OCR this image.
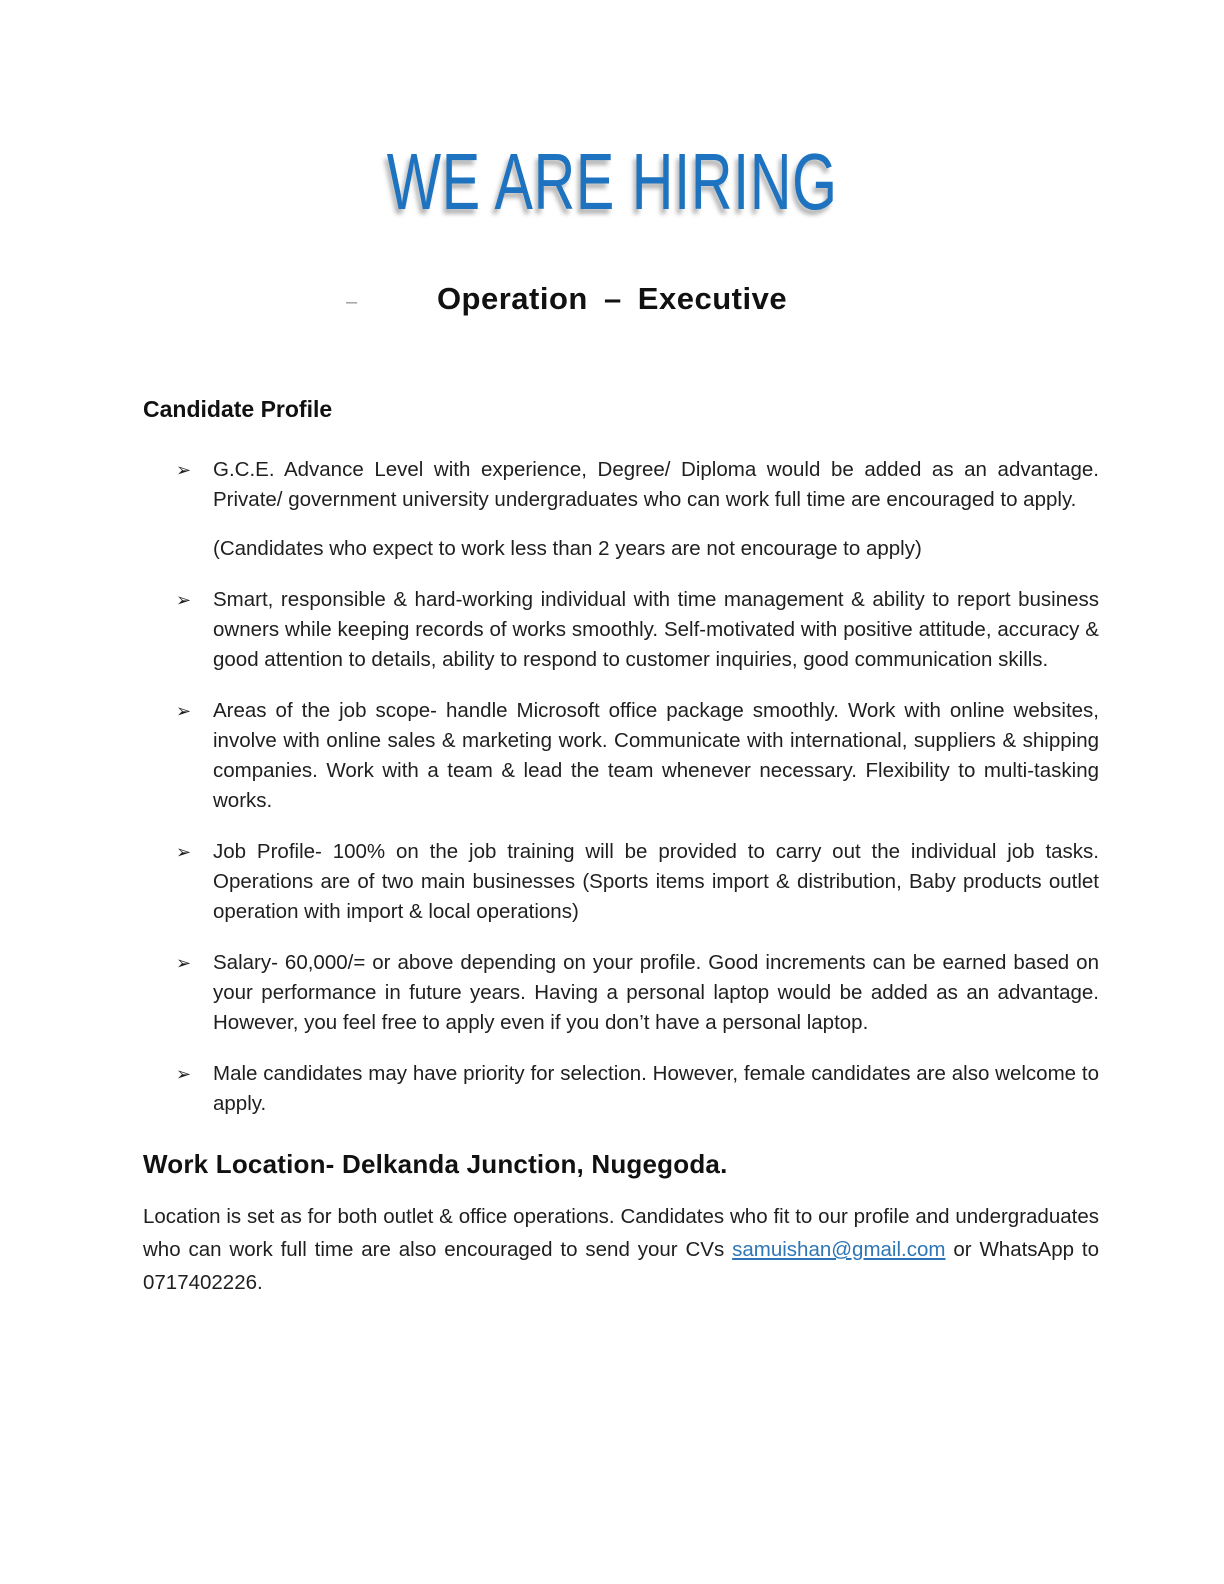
WE ARE HIRING
–	Operation – Executive
Candidate Profile
➢ G.C.E. Advance Level with experience, Degree/ Diploma would be added as an advantage. Private/ government university undergraduates who can work full time are encouraged to apply.
(Candidates who expect to work less than 2 years are not encourage to apply)
➢ Smart, responsible & hard-working individual with time management & ability to report business owners while keeping records of works smoothly. Self-motivated with positive attitude, accuracy & good attention to details, ability to respond to customer inquiries, good communication skills.
➢ Areas of the job scope- handle Microsoft office package smoothly. Work with online websites, involve with online sales & marketing work. Communicate with international, suppliers & shipping companies. Work with a team & lead the team whenever necessary. Flexibility to multi-tasking works.
➢ Job Profile- 100% on the job training will be provided to carry out the individual job tasks. Operations are of two main businesses (Sports items import & distribution, Baby products outlet operation with import & local operations)
➢ Salary- 60,000/= or above depending on your profile. Good increments can be earned based on your performance in future years. Having a personal laptop would be added as an advantage. However, you feel free to apply even if you don’t have a personal laptop.
➢ Male candidates may have priority for selection. However, female candidates are also welcome to apply.
Work Location- Delkanda Junction, Nugegoda.

Location is set as for both outlet & office operations. Candidates who fit to our profile and undergraduates who can work full time are also encouraged to send your CVs samuishan@gmail.com or WhatsApp to 0717402226.
